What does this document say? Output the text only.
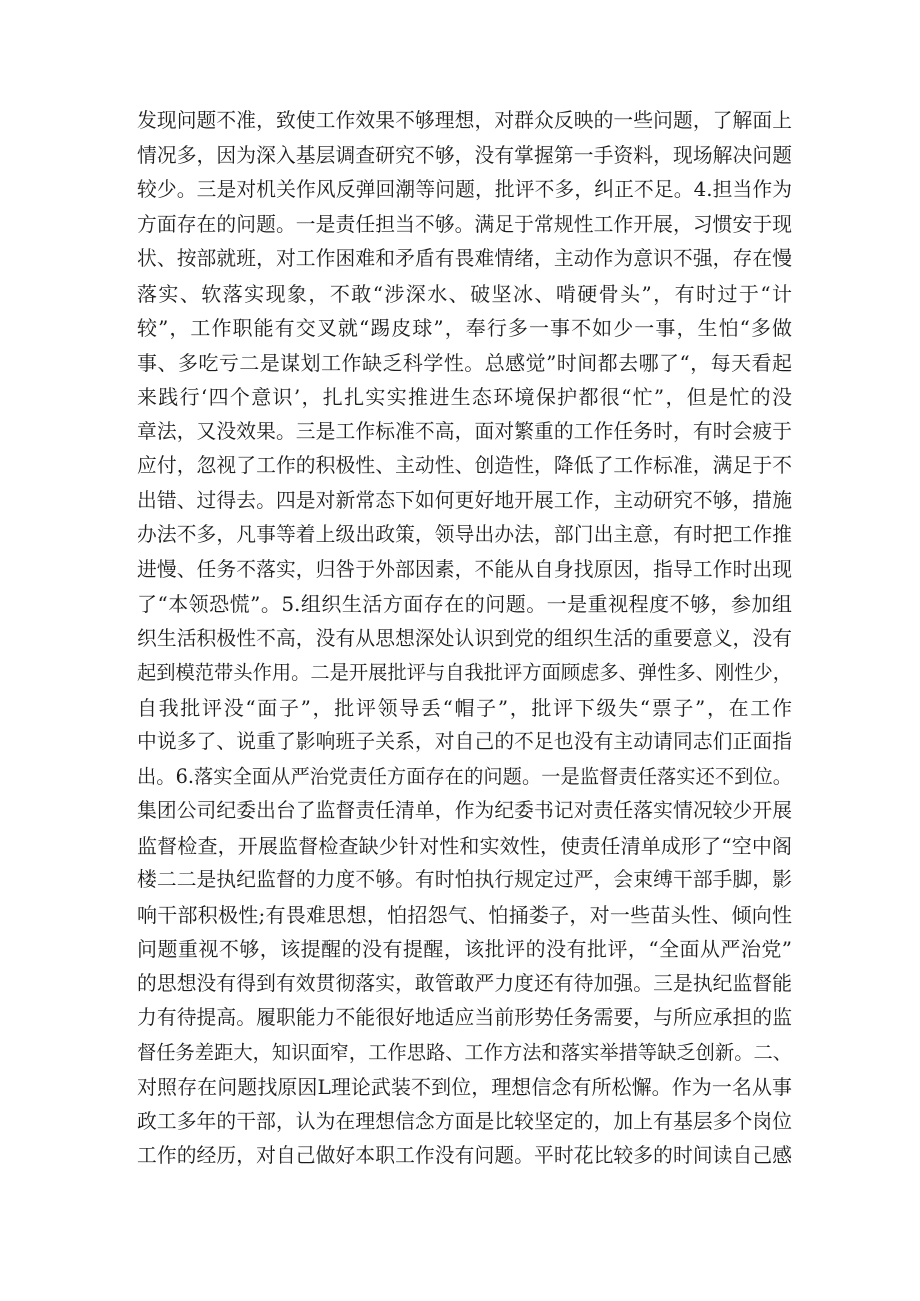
发现问题不准，致使工作效果不够理想，对群众反映的一些问题，了解面上
情况多，因为深入基层调查研究不够，没有掌握第一手资料，现场解决问题
较少。三是对机关作风反弹回潮等问题，批评不多，纠正不足。4.担当作为
方面存在的问题。一是责任担当不够。满足于常规性工作开展，习惯安于现
状、按部就班，对工作困难和矛盾有畏难情绪，主动作为意识不强，存在慢
落实、软落实现象，不敢“涉深水、破坚冰、啃硬骨头”，有时过于“计
较”，工作职能有交叉就“踢皮球”，奉行多一事不如少一事，生怕“多做
事、多吃亏二是谋划工作缺乏科学性。总感觉”时间都去哪了“，每天看起
来践行‘四个意识’，扎扎实实推进生态环境保护都很“忙”，但是忙的没
章法，又没效果。三是工作标准不高，面对繁重的工作任务时，有时会疲于
应付，忽视了工作的积极性、主动性、创造性，降低了工作标准，满足于不
出错、过得去。四是对新常态下如何更好地开展工作，主动研究不够，措施
办法不多，凡事等着上级出政策，领导出办法，部门出主意，有时把工作推
进慢、任务不落实，归咎于外部因素，不能从自身找原因，指导工作时出现
了“本领恐慌”。5.组织生活方面存在的问题。一是重视程度不够，参加组
织生活积极性不高，没有从思想深处认识到党的组织生活的重要意义，没有
起到模范带头作用。二是开展批评与自我批评方面顾虑多、弹性多、刚性少，
自我批评没“面子”，批评领导丢“帽子”，批评下级失“票子”，在工作
中说多了、说重了影响班子关系，对自己的不足也没有主动请同志们正面指
出。6.落实全面从严治党责任方面存在的问题。一是监督责任落实还不到位。
集团公司纪委出台了监督责任清单，作为纪委书记对责任落实情况较少开展
监督检查，开展监督检查缺少针对性和实效性，使责任清单成形了“空中阁
楼二二是执纪监督的力度不够。有时怕执行规定过严，会束缚干部手脚，影
响干部积极性;有畏难思想，怕招怨气、怕捅娄子，对一些苗头性、倾向性
问题重视不够，该提醒的没有提醒，该批评的没有批评，“全面从严治党”
的思想没有得到有效贯彻落实，敢管敢严力度还有待加强。三是执纪监督能
力有待提高。履职能力不能很好地适应当前形势任务需要，与所应承担的监
督任务差距大，知识面窄，工作思路、工作方法和落实举措等缺乏创新。二、
对照存在问题找原因L理论武装不到位，理想信念有所松懈。作为一名从事
政工多年的干部，认为在理想信念方面是比较坚定的，加上有基层多个岗位
工作的经历，对自己做好本职工作没有问题。平时花比较多的时间读自己感
